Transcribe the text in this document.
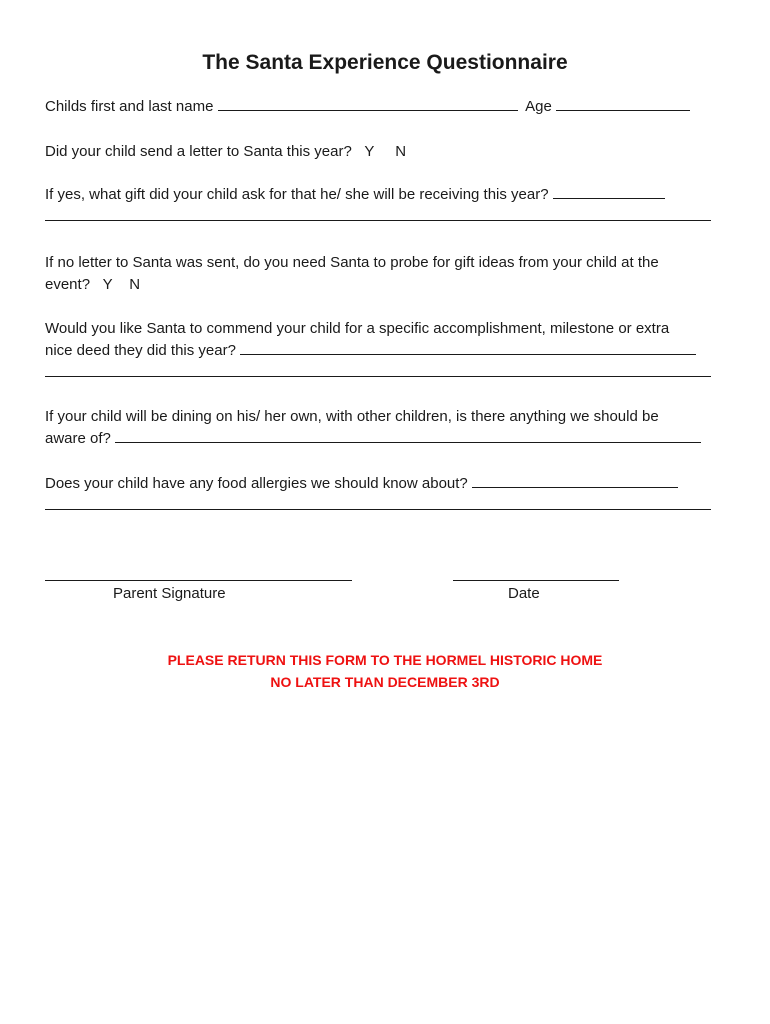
The Santa Experience Questionnaire
Childs first and last name	Age
Did your child send a letter to Santa this year? Y N
If yes, what gift did your child ask for that he/ she will be receiving this year?
If no letter to Santa was sent, do you need Santa to probe for gift ideas from your child at the
event? Y N
Would you like Santa to commend your child for a specific accomplishment, milestone or extra
nice deed they did this year?
If your child will be dining on his/ her own, with other children, is there anything we should be
aware of?
Does your child have any food allergies we should know about?
Parent Signature	Date
PLEASE RETURN THIS FORM TO THE HORMEL HISTORIC HOME
NO LATER THAN DECEMBER 3RD
